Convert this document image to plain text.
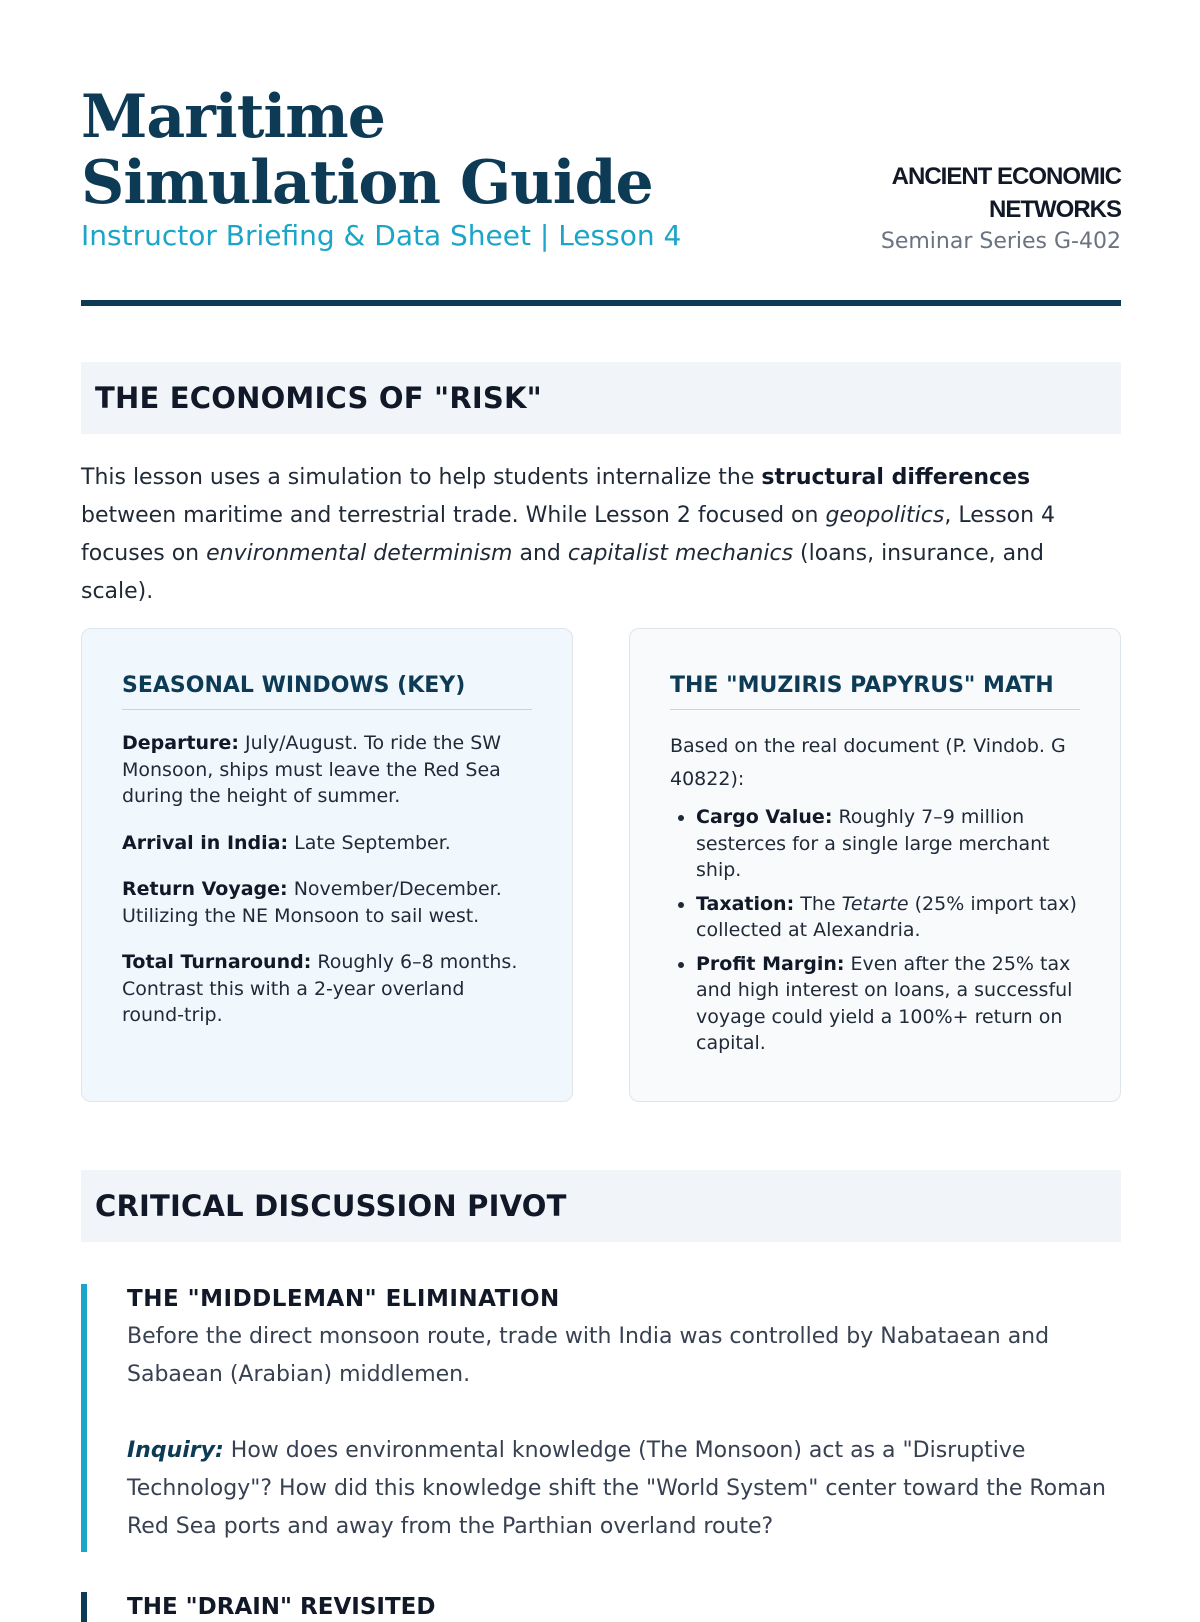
Maritime Simulation Guide
Instructor Briefing & Data Sheet | Lesson 4
ANCIENT ECONOMIC NETWORKS
Seminar Series G-402
THE ECONOMICS OF "RISK"

This lesson uses a simulation to help students internalize the structural differences between maritime and terrestrial trade. While Lesson 2 focused on geopolitics, Lesson 4 focuses on environmental determinism and capitalist mechanics (loans, insurance, and scale).

SEASONAL WINDOWS (KEY)

Departure: July/August. To ride the SW Monsoon, ships must leave the Red Sea during the height of summer.

Arrival in India: Late September.

Return Voyage: November/December. Utilizing the NE Monsoon to sail west.

Total Turnaround: Roughly 6–8 months. Contrast this with a 2-year overland round-trip.

THE "MUZIRIS PAPYRUS" MATH

Based on the real document (P. Vindob. G 40822):

• Cargo Value: Roughly 7–9 million sesterces for a single large merchant ship.
• Taxation: The Tetarte (25% import tax) collected at Alexandria.
• Profit Margin: Even after the 25% tax and high interest on loans, a successful voyage could yield a 100%+ return on capital.
CRITICAL DISCUSSION PIVOT
THE "MIDDLEMAN" ELIMINATION

Before the direct monsoon route, trade with India was controlled by Nabataean and Sabaean (Arabian) middlemen.

Inquiry: How does environmental knowledge (The Monsoon) act as a "Disruptive Technology"? How did this knowledge shift the "World System" center toward the Roman Red Sea ports and away from the Parthian overland route?

THE "DRAIN" REVISITED
